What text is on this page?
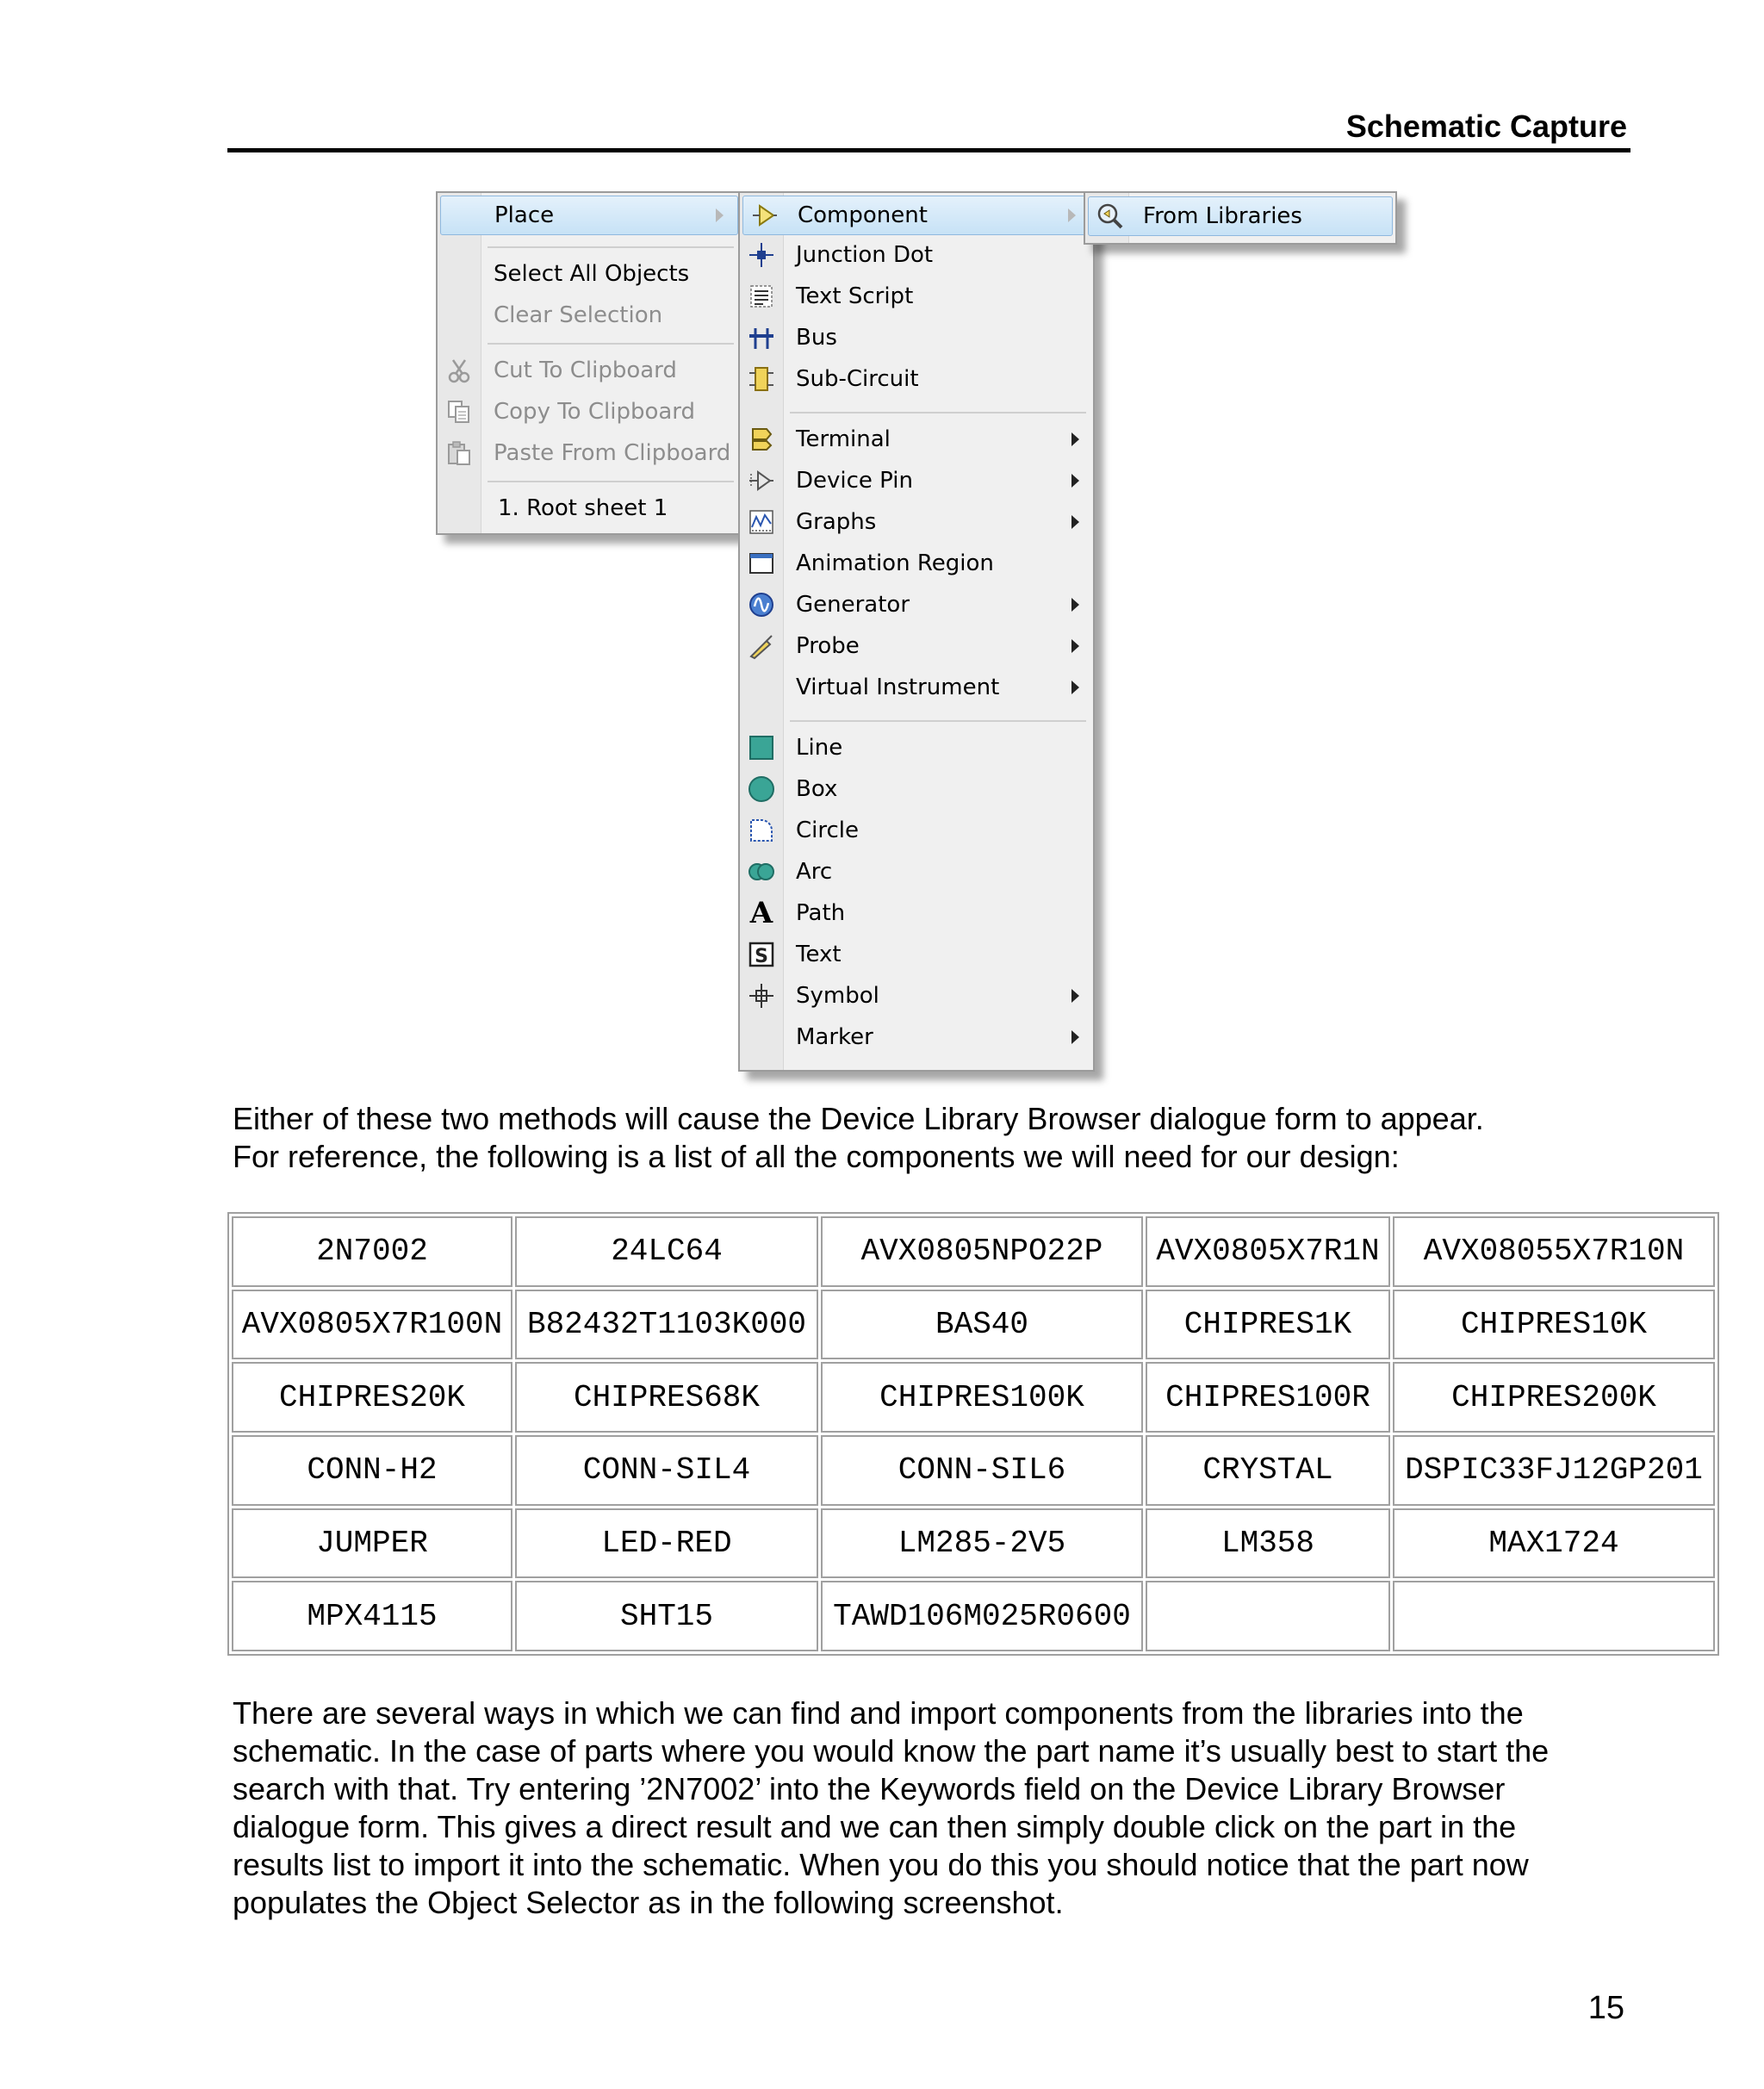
Schematic Capture
Place
Select All Objects
Clear Selection
Cut To Clipboard
Copy To Clipboard
Paste From Clipboard
1. Root sheet 1
Component
Junction Dot
Text Script
Bus
Sub-Circuit
Terminal
Device Pin
Graphs
Animation Region
Generator
Probe
Virtual Instrument
Line
Box
Circle
Arc
A Path
S Text
Symbol
Marker
From Libraries

Either of these two methods will cause the Device Library Browser dialogue form to appear.

For reference, the following is a list of all the components we will need for our design:

2N7002	24LC64	AVX0805NPO22P	AVX0805X7R1N	AVX08055X7R10N
AVX0805X7R100N	B82432T1103K000	BAS40	CHIPRES1K	CHIPRES10K
CHIPRES20K	CHIPRES68K	CHIPRES100K	CHIPRES100R	CHIPRES200K
CONN-H2	CONN-SIL4	CONN-SIL6	CRYSTAL	DSPIC33FJ12GP201
JUMPER	LED-RED	LM285-2V5	LM358	MAX1724
MPX4115	SHT15	TAWD106M025R0600		

There are several ways in which we can find and import components from the libraries into the

schematic. In the case of parts where you would know the part name it’s usually best to start the

search with that. Try entering ’2N7002’ into the Keywords field on the Device Library Browser

dialogue form. This gives a direct result and we can then simply double click on the part in the

results list to import it into the schematic. When you do this you should notice that the part now

populates the Object Selector as in the following screenshot.

15
